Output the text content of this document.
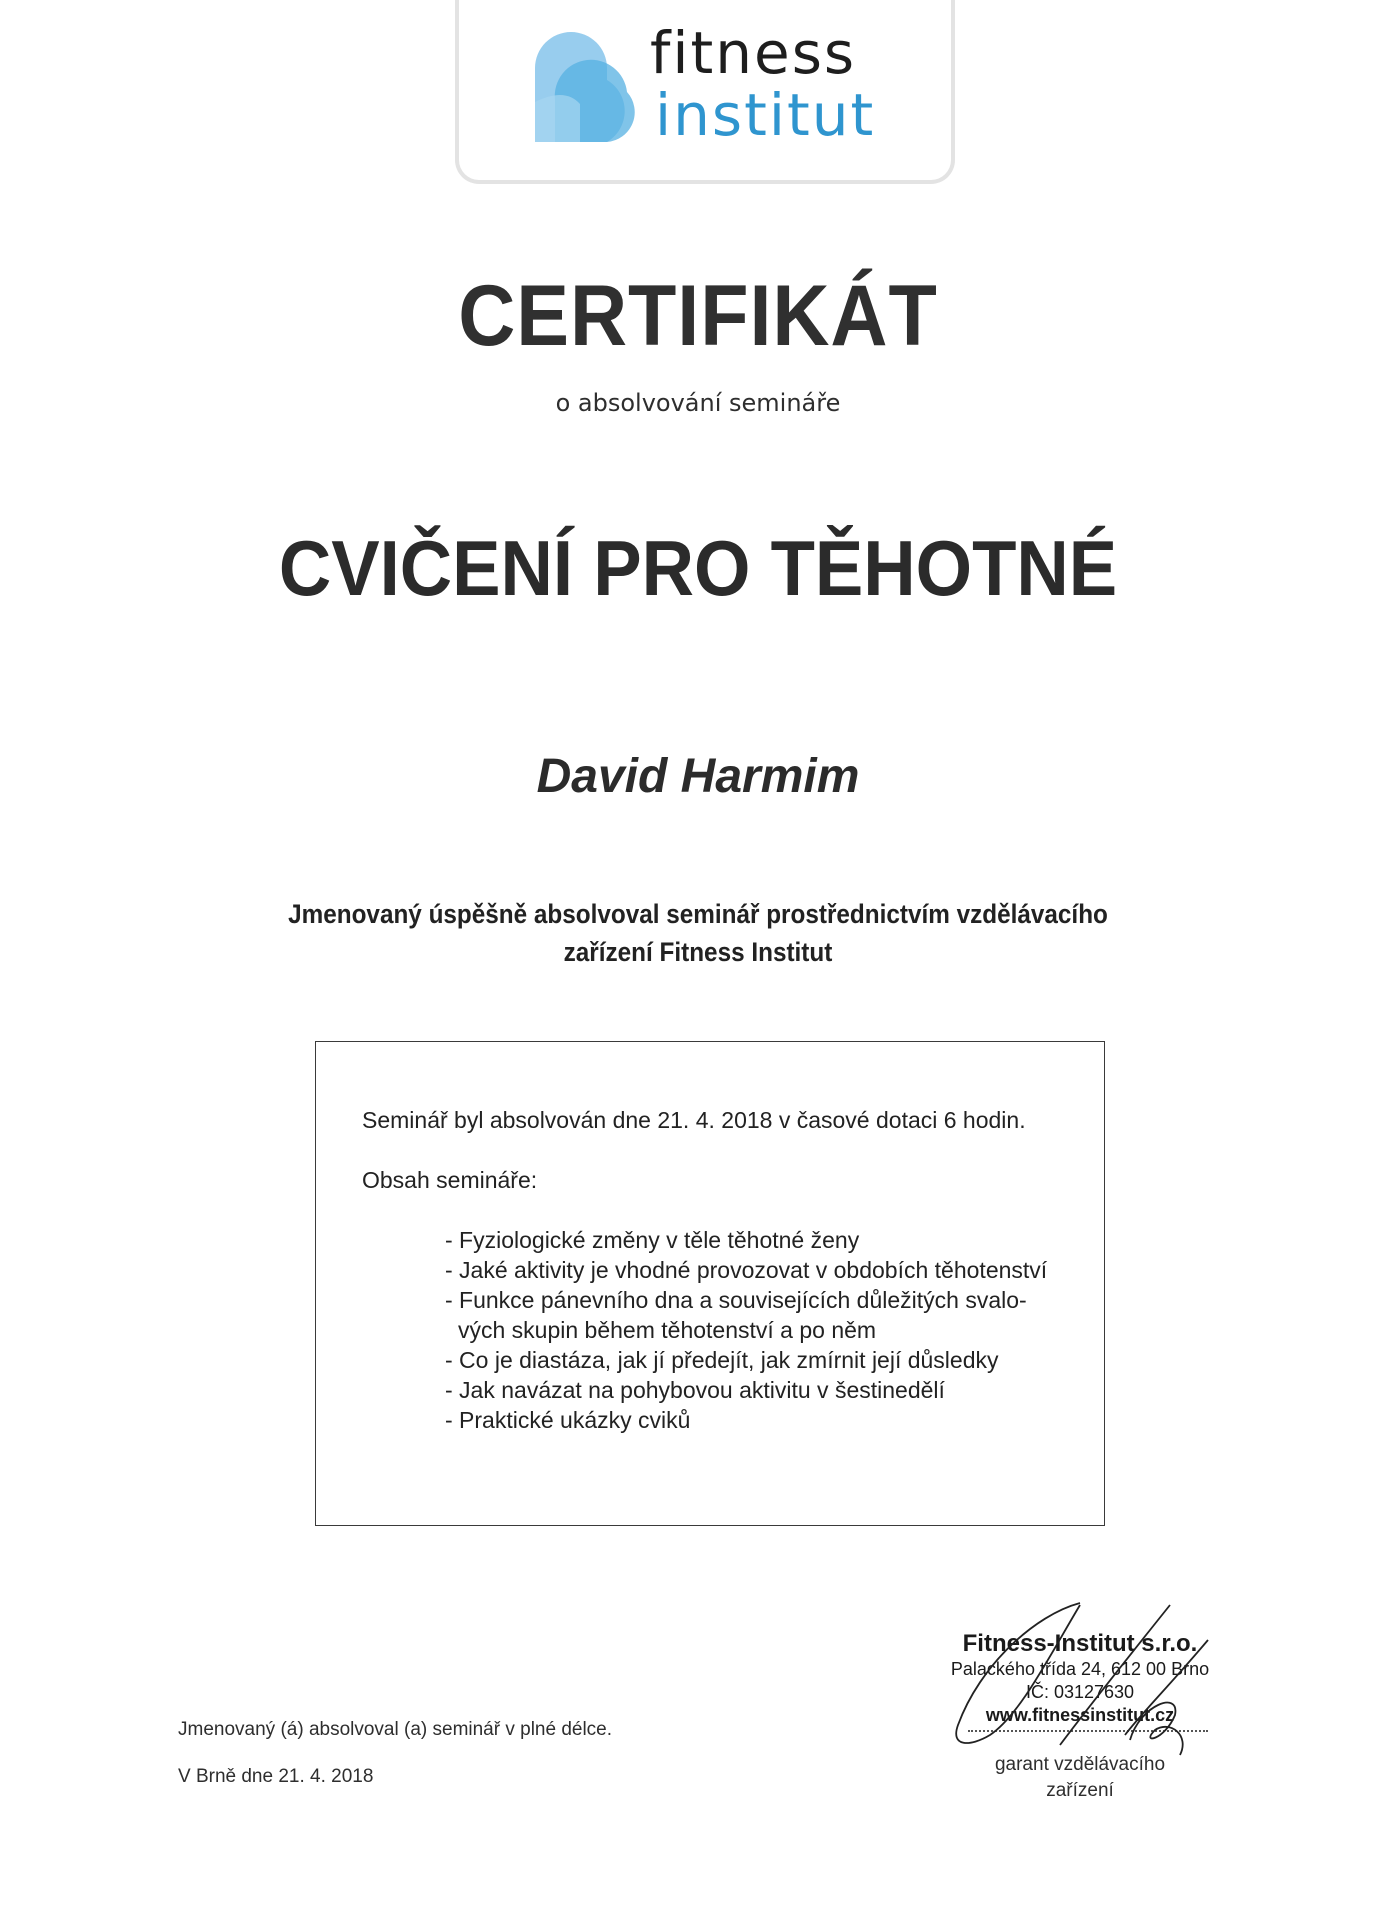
fitness
institut
CERTIFIKÁT
o absolvování semináře
CVIČENÍ PRO TĚHOTNÉ
David Harmim
Jmenovaný úspěšně absolvoval seminář prostřednictvím vzdělávacího
zařízení Fitness Institut
Seminář byl absolvován dne 21. 4. 2018 v časové dotaci 6 hodin.
Obsah semináře:
- Fyziologické změny v těle těhotné ženy
- Jaké aktivity je vhodné provozovat v obdobích těhotenství
- Funkce pánevního dna a souvisejících důležitých svalo-
vých skupin během těhotenství a po něm
- Co je diastáza, jak jí předejít, jak zmírnit její důsledky
- Jak navázat na pohybovou aktivitu v šestinedělí
- Praktické ukázky cviků
Jmenovaný (á) absolvoval (a) seminář v plné délce.
V Brně dne 21. 4. 2018
Fitness-Institut s.r.o.
Palackého třída 24, 612 00 Brno
IČ: 03127630
www.fitnessinstitut.cz
garant vzdělávacího
zařízení
